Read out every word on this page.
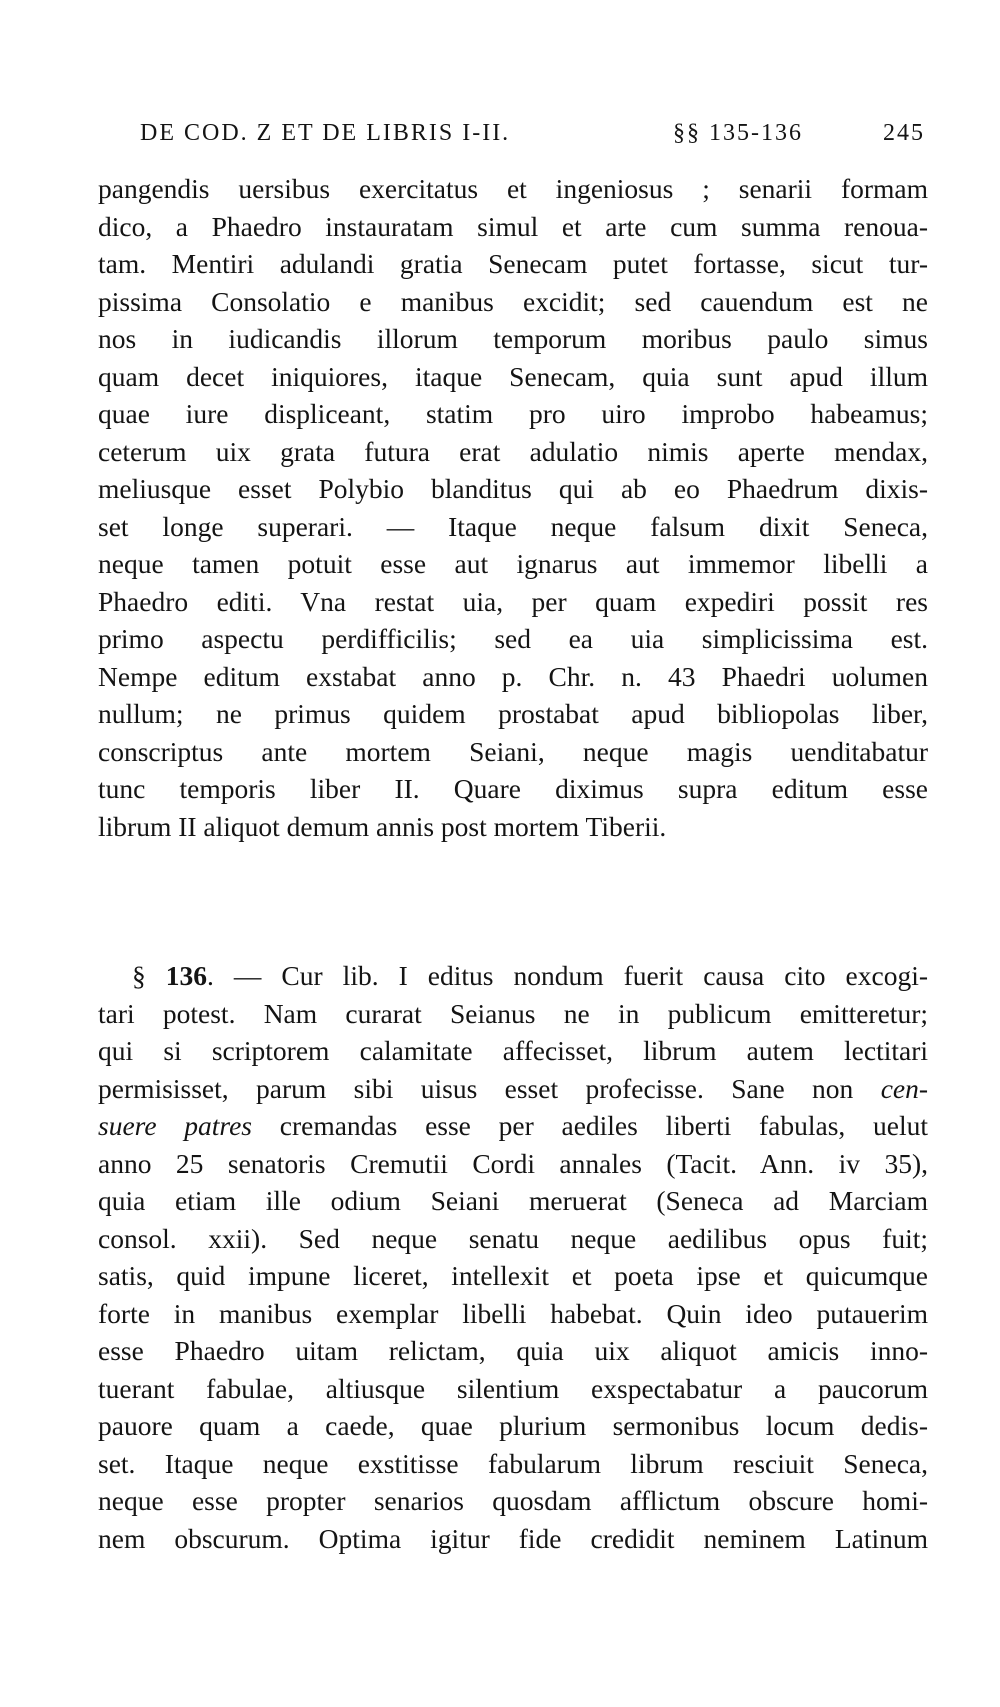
DE COD. Z ET DE LIBRIS I-II.	§§ 135-136	245
pangendis uersibus exercitatus et ingeniosus ; senarii formam
dico, a Phaedro instauratam simul et arte cum summa renoua-
tam. Mentiri adulandi gratia Senecam putet fortasse, sicut tur-
pissima Consolatio e manibus excidit; sed cauendum est ne
nos in iudicandis illorum temporum moribus paulo simus
quam decet iniquiores, itaque Senecam, quia sunt apud illum
quae iure displiceant, statim pro uiro improbo habeamus;
ceterum uix grata futura erat adulatio nimis aperte mendax,
meliusque esset Polybio blanditus qui ab eo Phaedrum dixis-
set longe superari. — Itaque neque falsum dixit Seneca,
neque tamen potuit esse aut ignarus aut immemor libelli a
Phaedro editi. Vna restat uia, per quam expediri possit res
primo aspectu perdifficilis; sed ea uia simplicissima est.
Nempe editum exstabat anno p. Chr. n. 43 Phaedri uolumen
nullum; ne primus quidem prostabat apud bibliopolas liber,
conscriptus ante mortem Seiani, neque magis uenditabatur
tunc temporis liber II. Quare diximus supra editum esse
librum II aliquot demum annis post mortem Tiberii.
§ 136. — Cur lib. I editus nondum fuerit causa cito excogi-
tari potest. Nam curarat Seianus ne in publicum emitteretur;
qui si scriptorem calamitate affecisset, librum autem lectitari
permisisset, parum sibi uisus esset profecisse. Sane non cen-
suere patres cremandas esse per aediles liberti fabulas, uelut
anno 25 senatoris Cremutii Cordi annales (Tacit. Ann. iv 35),
quia etiam ille odium Seiani meruerat (Seneca ad Marciam
consol. xxii). Sed neque senatu neque aedilibus opus fuit;
satis, quid impune liceret, intellexit et poeta ipse et quicumque
forte in manibus exemplar libelli habebat. Quin ideo putauerim
esse Phaedro uitam relictam, quia uix aliquot amicis innο-
tuerant fabulae, altiusque silentium exspectabatur a paucorum
pauore quam a caede, quae plurium sermonibus locum dedis-
set. Itaque neque exstitisse fabularum librum resciuit Seneca,
neque esse propter senarios quosdam afflictum obscure homi-
nem obscurum. Optima igitur fide credidit neminem Latinum
